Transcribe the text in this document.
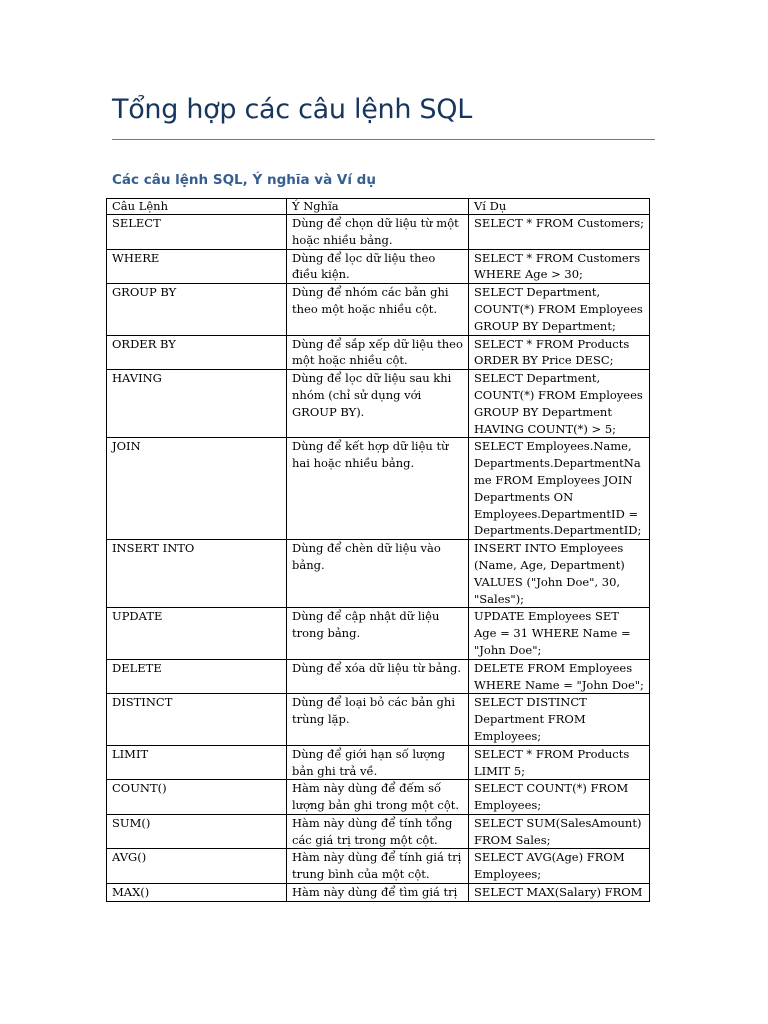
Tổng hợp các câu lệnh SQL
Các câu lệnh SQL, Ý nghĩa và Ví dụ
Câu Lệnh	Ý Nghĩa	Ví Dụ
SELECT	Dùng để chọn dữ liệu từ một hoặc nhiều bảng.	SELECT * FROM Customers;
WHERE	Dùng để lọc dữ liệu theo điều kiện.	SELECT * FROM Customers WHERE Age > 30;
GROUP BY	Dùng để nhóm các bản ghi theo một hoặc nhiều cột.	SELECT Department, COUNT(*) FROM Employees GROUP BY Department;
ORDER BY	Dùng để sắp xếp dữ liệu theo một hoặc nhiều cột.	SELECT * FROM Products ORDER BY Price DESC;
HAVING	Dùng để lọc dữ liệu sau khi nhóm (chỉ sử dụng với GROUP BY).	SELECT Department, COUNT(*) FROM Employees GROUP BY Department HAVING COUNT(*) > 5;
JOIN	Dùng để kết hợp dữ liệu từ hai hoặc nhiều bảng.	SELECT Employees.Name, Departments.DepartmentName FROM Employees JOIN Departments ON Employees.DepartmentID = Departments.DepartmentID;
INSERT INTO	Dùng để chèn dữ liệu vào bảng.	INSERT INTO Employees (Name, Age, Department) VALUES ("John Doe", 30, "Sales");
UPDATE	Dùng để cập nhật dữ liệu trong bảng.	UPDATE Employees SET Age = 31 WHERE Name = "John Doe";
DELETE	Dùng để xóa dữ liệu từ bảng.	DELETE FROM Employees WHERE Name = "John Doe";
DISTINCT	Dùng để loại bỏ các bản ghi trùng lặp.	SELECT DISTINCT Department FROM Employees;
LIMIT	Dùng để giới hạn số lượng bản ghi trả về.	SELECT * FROM Products LIMIT 5;
COUNT()	Hàm này dùng để đếm số lượng bản ghi trong một cột.	SELECT COUNT(*) FROM Employees;
SUM()	Hàm này dùng để tính tổng các giá trị trong một cột.	SELECT SUM(SalesAmount) FROM Sales;
AVG()	Hàm này dùng để tính giá trị trung bình của một cột.	SELECT AVG(Age) FROM Employees;
MAX()	Hàm này dùng để tìm giá trị	SELECT MAX(Salary) FROM
